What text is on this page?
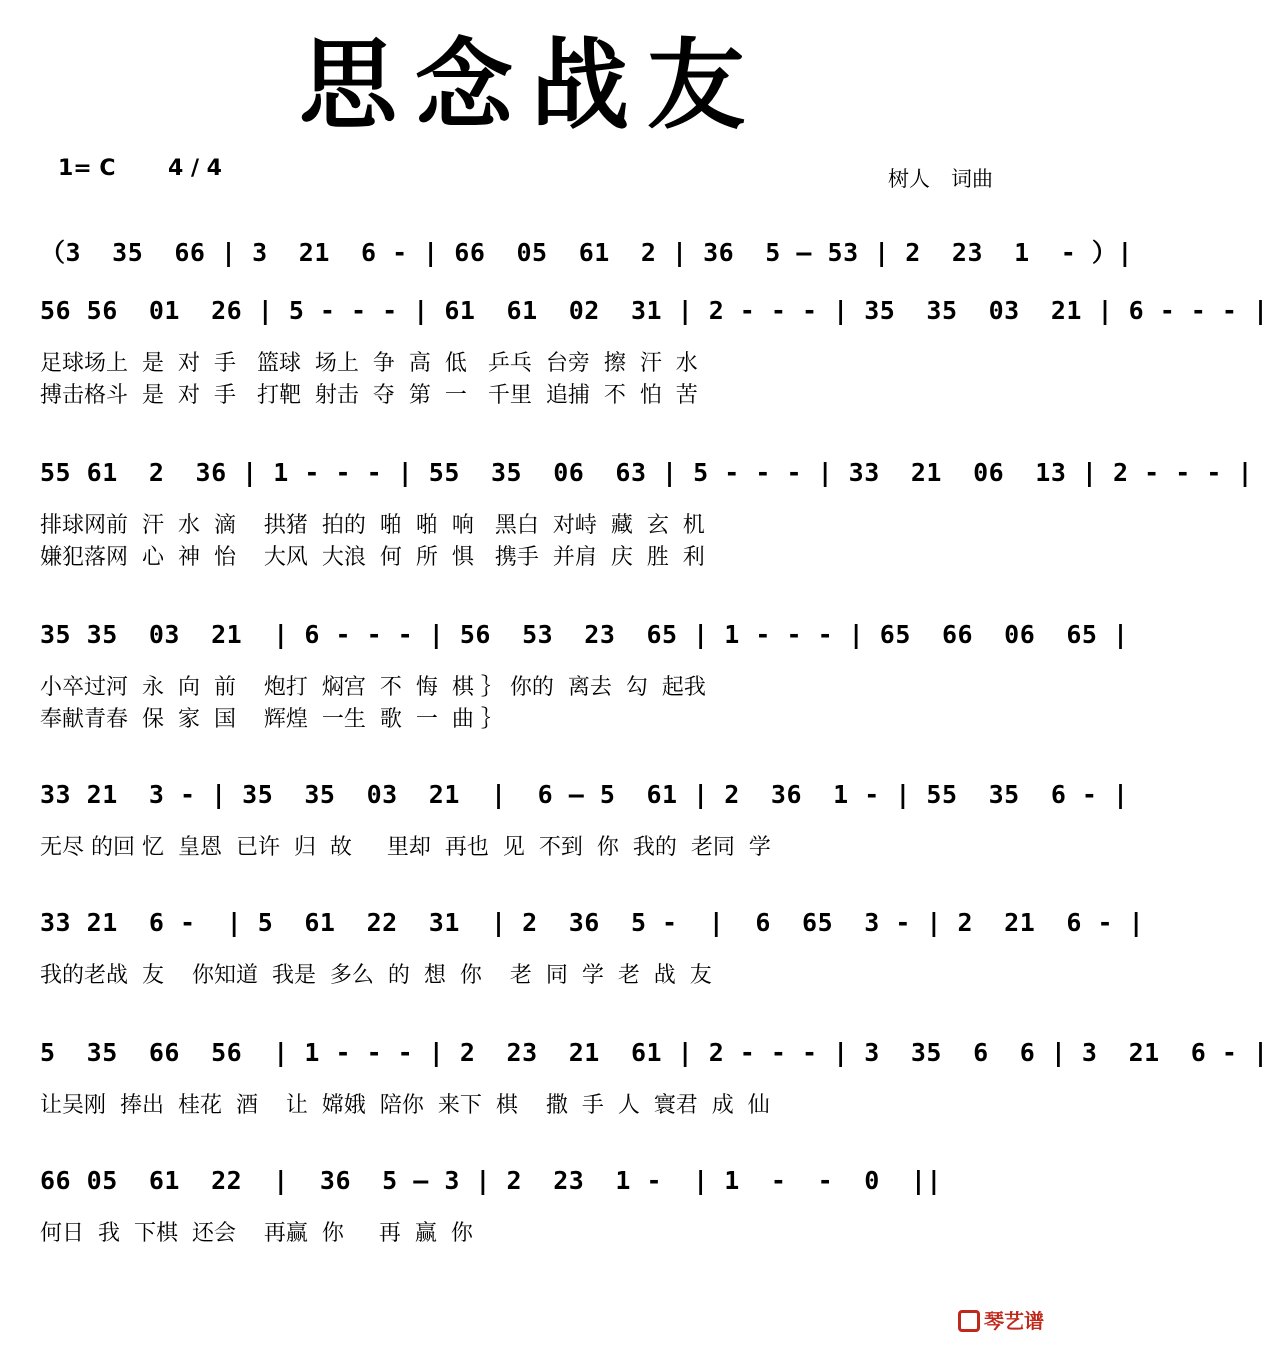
思念战友
1= C 4 / 4	树人　词曲
（3  35  66 | 3  21  6 - | 66  05  61  2 | 36  5 – 53 | 2  23  1  - ）|
56 56  01  26 | 5 - - - | 61  61  02  31 | 2 - - - | 35  35  03  21 | 6 - - - |
足球场上  是  对  手   篮球  场上  争  高  低   乒乓  台旁  擦  汗  水
搏击格斗  是  对  手   打靶  射击  夺  第  一   千里  追捕  不  怕  苦
55 61  2  36 | 1 - - - | 55  35  06  63 | 5 - - - | 33  21  06  13 | 2 - - - |
排球网前  汗  水  滴    拱猪  拍的  啪  啪  响   黑白  对峙  藏  玄  机
嫌犯落网  心  神  怡    大风  大浪  何  所  惧   携手  并肩  庆  胜  利
35 35  03  21  | 6 - - - | 56  53  23  65 | 1 - - - | 65  66  06  65 |
小卒过河  永  向  前    炮打  焖宫  不  悔  棋 ｝ 你的  离去  勾  起我
奉献青春  保  家  国    辉煌  一生  歌  一  曲 ｝
33 21  3 - | 35  35  03  21  |  6 – 5  61 | 2  36  1 - | 55  35  6 - |
无尽 的回 忆  皇恩  已许  归  故     里却  再也  见  不到  你  我的  老同  学
33 21  6 -  | 5  61  22  31  | 2  36  5 -  |  6  65  3 - | 2  21  6 - |
我的老战  友    你知道  我是  多么  的  想  你    老  同  学  老  战  友
5  35  66  56  | 1 - - - | 2  23  21  61 | 2 - - - | 3  35  6  6 | 3  21  6 - |
让吴刚  捧出  桂花  酒    让  嫦娥  陪你  来下  棋    撒  手  人  寰君  成  仙
66 05  61  22  |  36  5 – 3 | 2  23  1 -  | 1  -  -  0  ||
何日  我  下棋  还会    再赢  你     再  赢  你
琴艺谱
